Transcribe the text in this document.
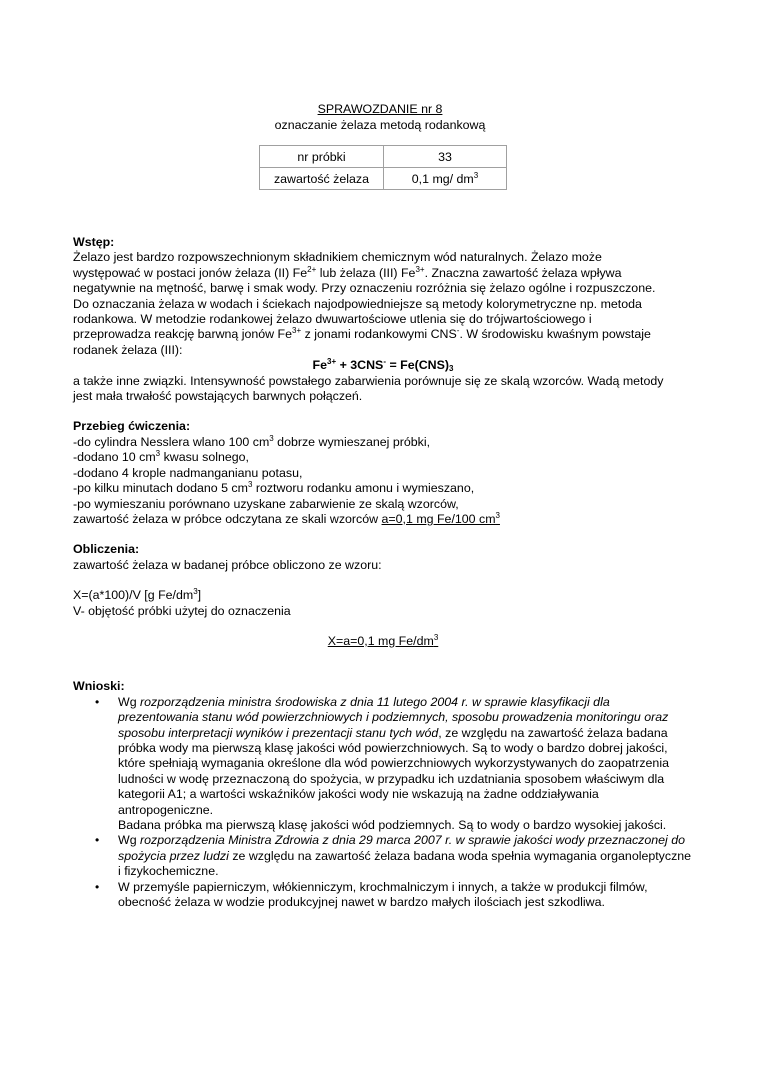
SPRAWOZDANIE nr 8
oznaczanie żelaza metodą rodankową
nr próbki	33
zawartość żelaza	0,1 mg/ $dm^3$

Wstęp:

Żelazo jest bardzo rozpowszechnionym składnikiem chemicznym wód naturalnych. Żelazo może

występować w postaci jonów żelaza (II) $Fe^{2+}$ lub żelaza (III) $Fe^{3+}$. Znaczna zawartość żelaza wpływa

negatywnie na mętność, barwę i smak wody. Przy oznaczeniu rozróżnia się żelazo ogólne i rozpuszczone.

Do oznaczania żelaza w wodach i ściekach najodpowiedniejsze są metody kolorymetryczne np. metoda

rodankowa. W metodzie rodankowej żelazo dwuwartościowe utlenia się do trójwartościowego i

przeprowadza reakcję barwną jonów $Fe^{3+}$ z jonami rodankowymi CNS-. W środowisku kwaśnym powstaje

rodanek żelaza (III):

$Fe^{3+} + 3CNS^- = Fe(CNS)_3$

a także inne związki. Intensywność powstałego zabarwienia porównuje się ze skalą wzorców. Wadą metody

jest mała trwałość powstających barwnych połączeń.

Przebieg ćwiczenia:

-do cylindra Nesslera wlano 100 $cm^3$ dobrze wymieszanej próbki,

-dodano 10 $cm^3$ kwasu solnego,

-dodano 4 krople nadmanganianu potasu,

-po kilku minutach dodano 5 $cm^3$ roztworu rodanku amonu i wymieszano,

-po wymieszaniu porównano uzyskane zabarwienie ze skalą wzorców,

zawartość żelaza w próbce odczytana ze skali wzorców a=0,1 mg Fe/100 $cm^3$

Obliczenia:

zawartość żelaza w badanej próbce obliczono ze wzoru:

X=(a*100)/V [g $Fe/dm^3$]

V- objętość próbki użytej do oznaczenia

X=a=0,1 mg $Fe/dm^3$

Wnioski:

• Wg rozporządzenia ministra środowiska z dnia 11 lutego 2004 r. w sprawie klasyfikacji dla prezentowania stanu wód powierzchniowych i podziemnych, sposobu prowadzenia monitoringu oraz sposobu interpretacji wyników i prezentacji stanu tych wód, ze względu na zawartość żelaza badana próbka wody ma pierwszą klasę jakości wód powierzchniowych. Są to wody o bardzo dobrej jakości, które spełniają wymagania określone dla wód powierzchniowych wykorzystywanych do zaopatrzenia ludności w wodę przeznaczoną do spożycia, w przypadku ich uzdatniania sposobem właściwym dla kategorii A1; a wartości wskaźników jakości wody nie wskazują na żadne oddziaływania antropogeniczne.
Badana próbka ma pierwszą klasę jakości wód podziemnych. Są to wody o bardzo wysokiej jakości.
• Wg rozporządzenia Ministra Zdrowia z dnia 29 marca 2007 r. w sprawie jakości wody przeznaczonej do spożycia przez ludzi ze względu na zawartość żelaza badana woda spełnia wymagania organoleptyczne i fizykochemiczne.
• W przemyśle papierniczym, włókienniczym, krochmalniczym i innych, a także w produkcji filmów, obecność żelaza w wodzie produkcyjnej nawet w bardzo małych ilościach jest szkodliwa.
